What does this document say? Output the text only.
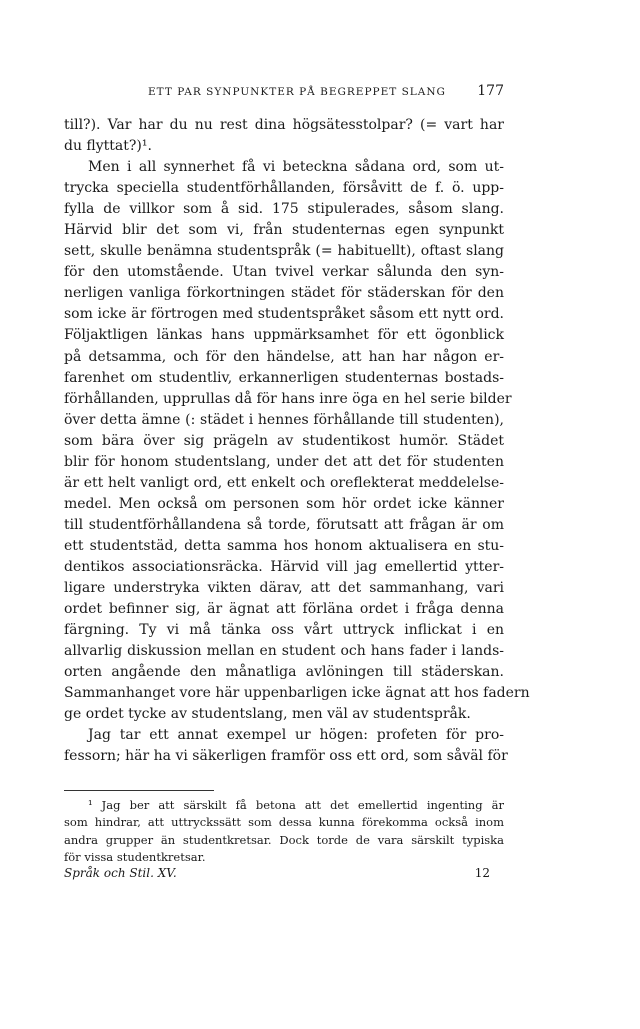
ETT PAR SYNPUNKTER PÅ BEGREPPET SLANG 177
till?). Var har du nu rest dina högsätesstolpar? (= vart har
du flyttat?)¹.
Men i all synnerhet få vi beteckna sådana ord, som ut-
trycka speciella studentförhållanden, försåvitt de f. ö. upp-
fylla de villkor som å sid. 175 stipulerades, såsom slang.
Härvid blir det som vi, från studenternas egen synpunkt
sett, skulle benämna studentspråk (= habituellt), oftast slang
för den utomstående. Utan tvivel verkar sålunda den syn-
nerligen vanliga förkortningen städet för städerskan för den
som icke är förtrogen med studentspråket såsom ett nytt ord.
Följaktligen länkas hans uppmärksamhet för ett ögonblick
på detsamma, och för den händelse, att han har någon er-
farenhet om studentliv, erkannerligen studenternas bostads-
förhållanden, upprullas då för hans inre öga en hel serie bilder
över detta ämne (: städet i hennes förhållande till studenten),
som bära över sig prägeln av studentikost humör. Städet
blir för honom studentslang, under det att det för studenten
är ett helt vanligt ord, ett enkelt och oreflekterat meddelelse-
medel. Men också om personen som hör ordet icke känner
till studentförhållandena så torde, förutsatt att frågan är om
ett studentstäd, detta samma hos honom aktualisera en stu-
dentikos associationsräcka. Härvid vill jag emellertid ytter-
ligare understryka vikten därav, att det sammanhang, vari
ordet befinner sig, är ägnat att förläna ordet i fråga denna
färgning. Ty vi må tänka oss vårt uttryck inflickat i en
allvarlig diskussion mellan en student och hans fader i lands-
orten angående den månatliga avlöningen till städerskan.
Sammanhanget vore här uppenbarligen icke ägnat att hos fadern
ge ordet tycke av studentslang, men väl av studentspråk.
Jag tar ett annat exempel ur högen: profeten för pro-
fessorn; här ha vi säkerligen framför oss ett ord, som såväl för
¹ Jag ber att särskilt få betona att det emellertid ingenting är
som hindrar, att uttryckssätt som dessa kunna förekomma också inom
andra grupper än studentkretsar. Dock torde de vara särskilt typiska
för vissa studentkretsar.
Språk och Stil. XV.	12
